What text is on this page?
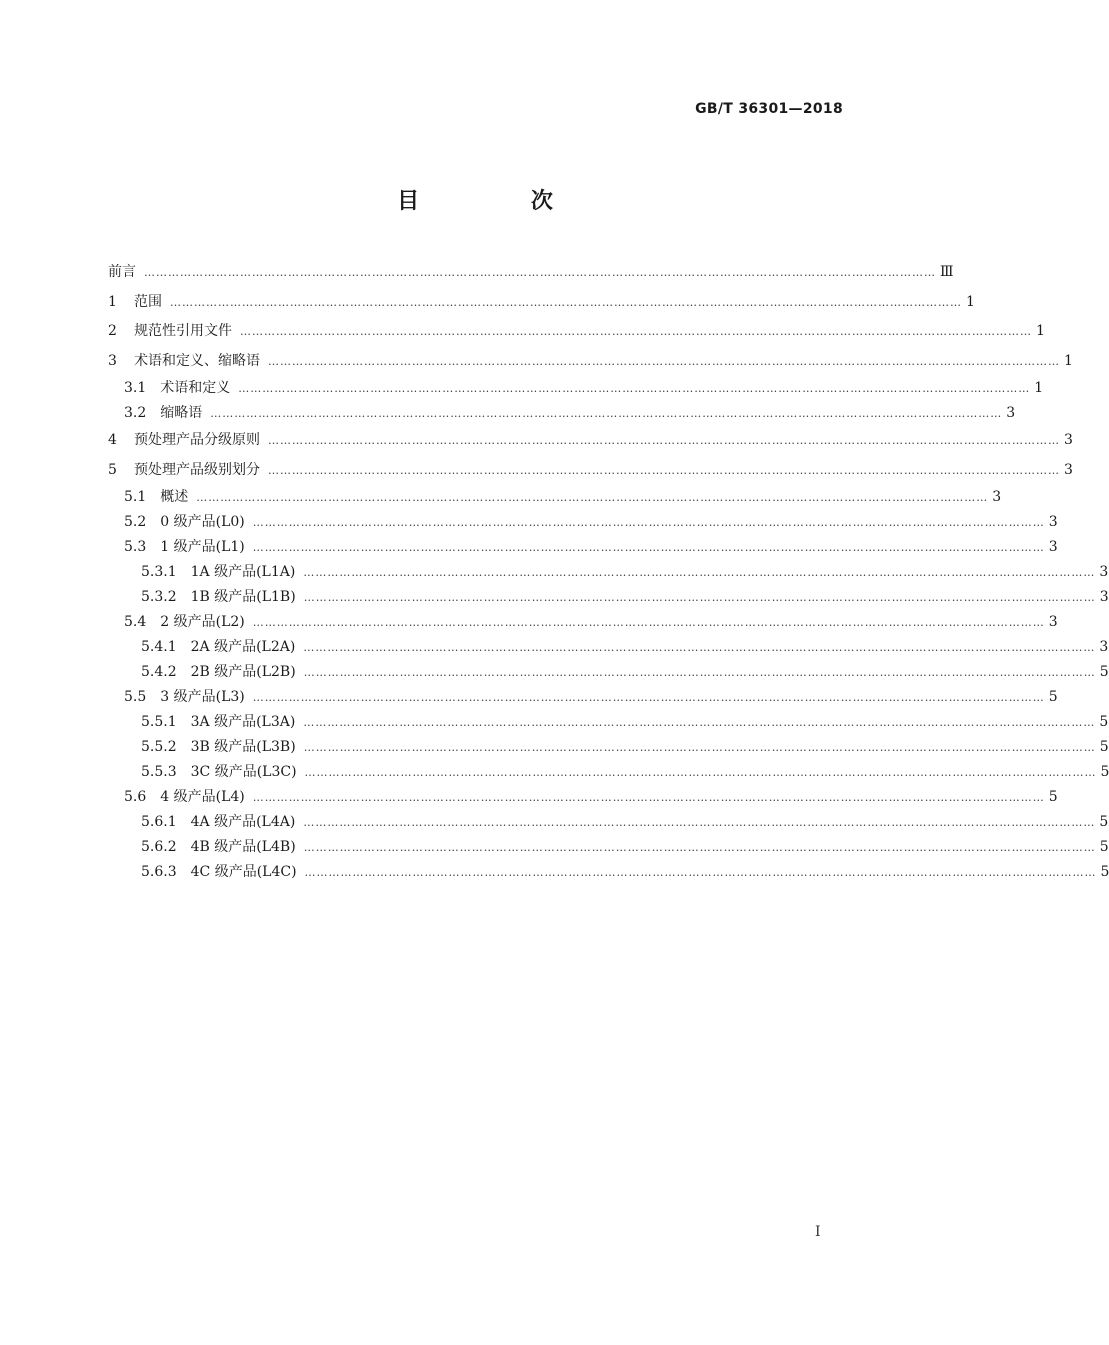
GB/T 36301—2018
目 次
前言 ……………………………………………………………………………………………………………………………………………………………………………… Ⅲ
1 范围 ……………………………………………………………………………………………………………………………………………………………………………… 1
2 规范性引用文件 ……………………………………………………………………………………………………………………………………………………………………………… 1
3 术语和定义、缩略语 ……………………………………………………………………………………………………………………………………………………………………………… 1
3.1 术语和定义 ……………………………………………………………………………………………………………………………………………………………………………… 1
3.2 缩略语 ……………………………………………………………………………………………………………………………………………………………………………… 3
4 预处理产品分级原则 ……………………………………………………………………………………………………………………………………………………………………………… 3
5 预处理产品级别划分 ……………………………………………………………………………………………………………………………………………………………………………… 3
5.1 概述 ……………………………………………………………………………………………………………………………………………………………………………… 3
5.2 0 级产品(L0) ……………………………………………………………………………………………………………………………………………………………………………… 3
5.3 1 级产品(L1) ……………………………………………………………………………………………………………………………………………………………………………… 3
5.3.1 1A 级产品(L1A) ……………………………………………………………………………………………………………………………………………………………………………… 3
5.3.2 1B 级产品(L1B) ……………………………………………………………………………………………………………………………………………………………………………… 3
5.4 2 级产品(L2) ……………………………………………………………………………………………………………………………………………………………………………… 3
5.4.1 2A 级产品(L2A) ……………………………………………………………………………………………………………………………………………………………………………… 3
5.4.2 2B 级产品(L2B) ……………………………………………………………………………………………………………………………………………………………………………… 5
5.5 3 级产品(L3) ……………………………………………………………………………………………………………………………………………………………………………… 5
5.5.1 3A 级产品(L3A) ……………………………………………………………………………………………………………………………………………………………………………… 5
5.5.2 3B 级产品(L3B) ……………………………………………………………………………………………………………………………………………………………………………… 5
5.5.3 3C 级产品(L3C) ……………………………………………………………………………………………………………………………………………………………………………… 5
5.6 4 级产品(L4) ……………………………………………………………………………………………………………………………………………………………………………… 5
5.6.1 4A 级产品(L4A) ……………………………………………………………………………………………………………………………………………………………………………… 5
5.6.2 4B 级产品(L4B) ……………………………………………………………………………………………………………………………………………………………………………… 5
5.6.3 4C 级产品(L4C) ……………………………………………………………………………………………………………………………………………………………………………… 5
Ⅰ
